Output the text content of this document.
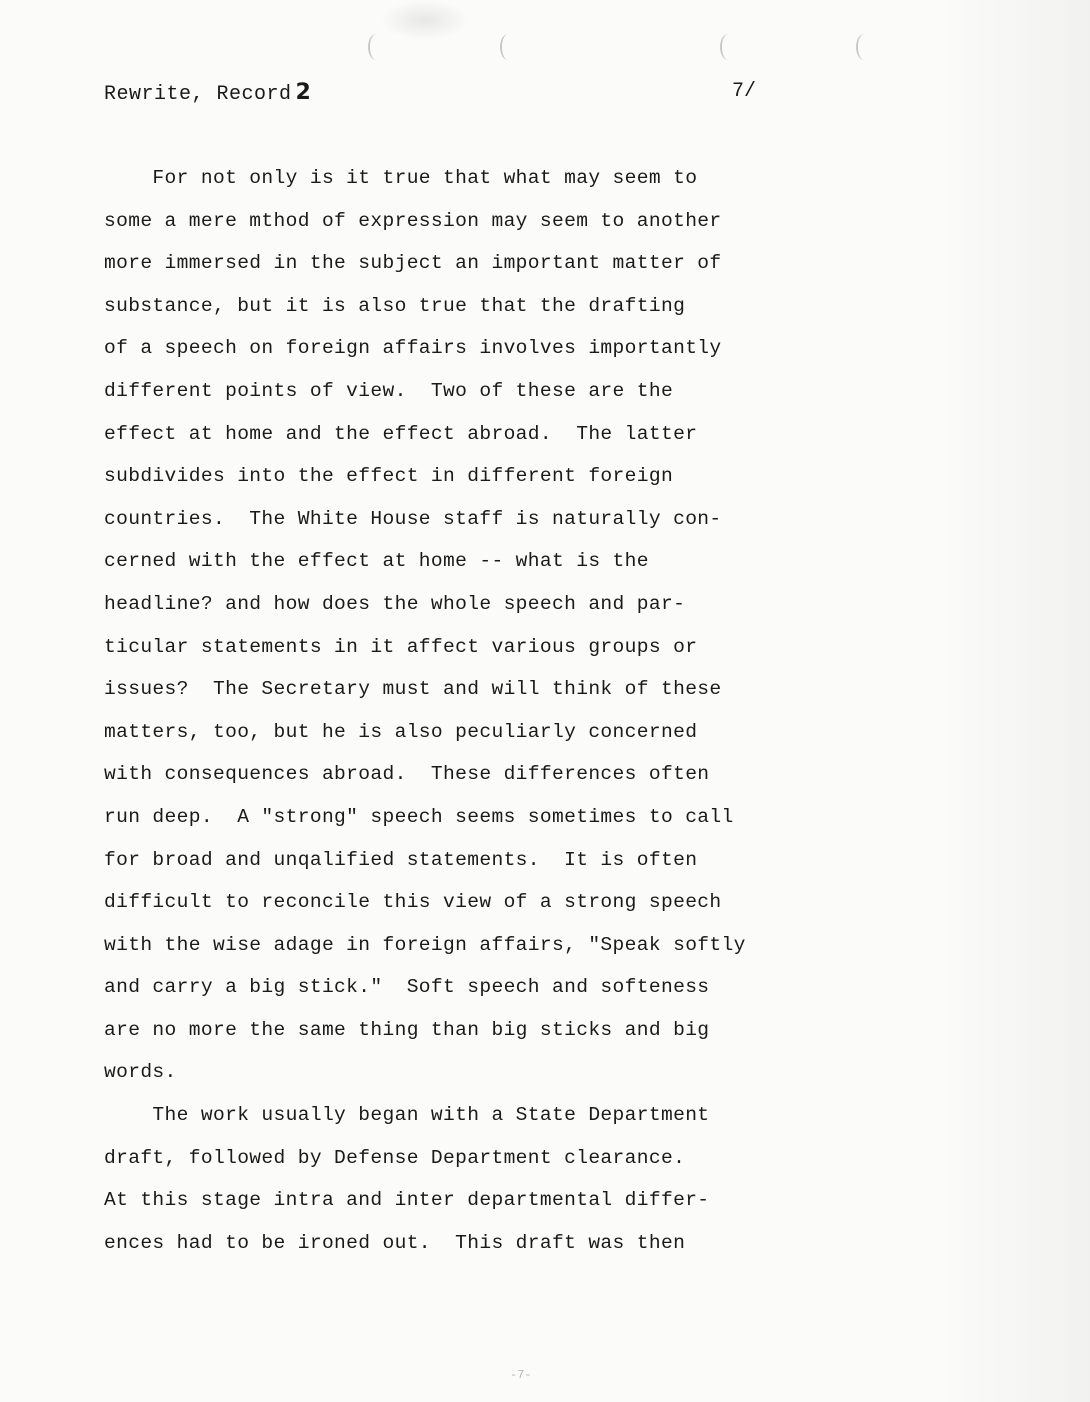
Rewrite, Record 2	7/
For not only is it true that what may seem to
some a mere mthod of expression may seem to another
more immersed in the subject an important matter of
substance, but it is also true that the drafting
of a speech on foreign affairs involves importantly
different points of view.  Two of these are the
effect at home and the effect abroad.  The latter
subdivides into the effect in different foreign
countries.  The White House staff is naturally con-
cerned with the effect at home -- what is the
headline? and how does the whole speech and par-
ticular statements in it affect various groups or
issues?  The Secretary must and will think of these
matters, too, but he is also peculiarly concerned
with consequences abroad.  These differences often
run deep.  A "strong" speech seems sometimes to call
for broad and unqalified statements.  It is often
difficult to reconcile this view of a strong speech
with the wise adage in foreign affairs, "Speak softly
and carry a big stick."  Soft speech and softeness
are no more the same thing than big sticks and big
words.
The work usually began with a State Department
draft, followed by Defense Department clearance.
At this stage intra and inter departmental differ-
ences had to be ironed out.  This draft was then
-7-
